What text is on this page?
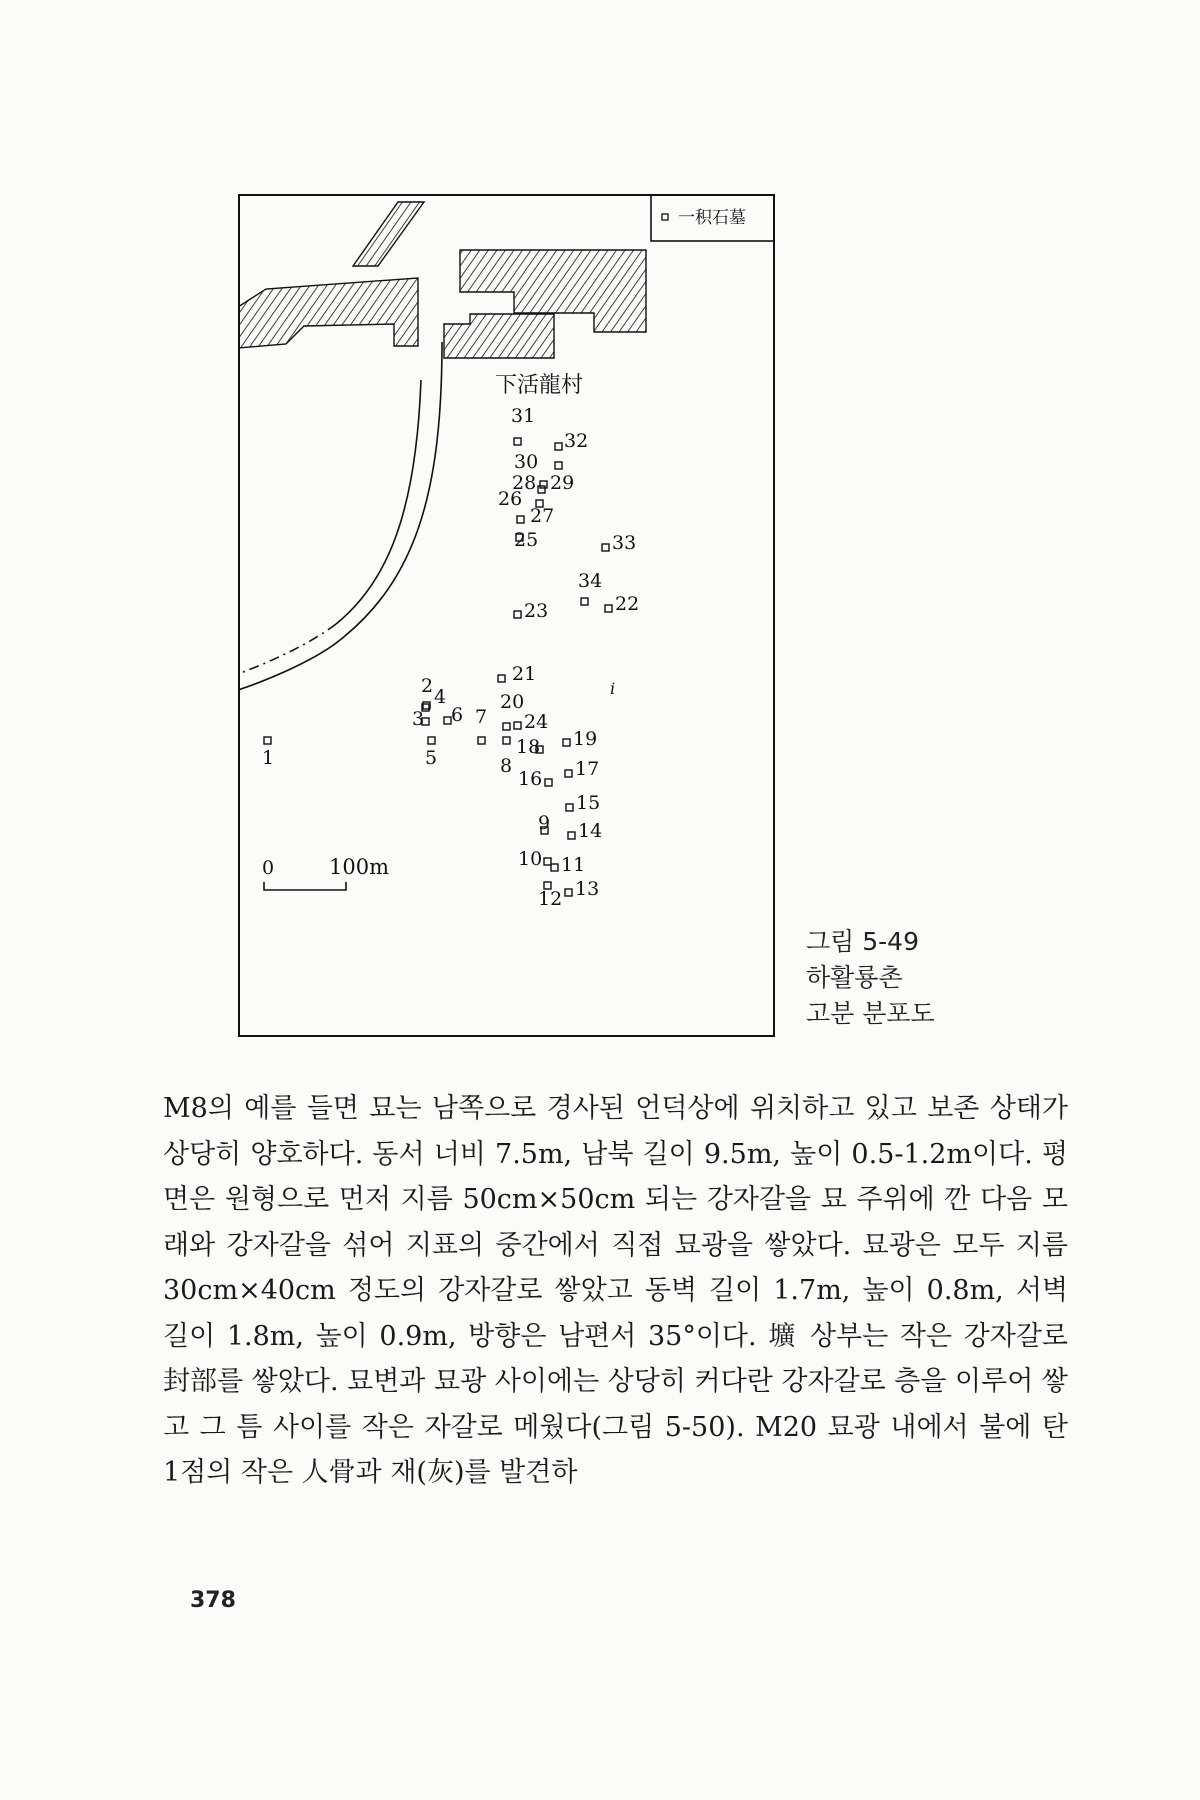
一积石墓
下活龍村
1
2
3
4
5
6 7
8
9
10 11
12 13
14
15
16 17
18 19
20
21
22
23
24
25
26
27
28 29
30
31
32
33
34
i
0	100m
그림 5-49
하활룡촌
고분 분포도

M8의 예를 들면 묘는 남쪽으로 경사된 언덕상에 위치하고 있고 보존 상태가 상당히 양호하다. 동서 너비 7.5m, 남북 길이 9.5m, 높이 0.5-1.2m이다. 평면은 원형으로 먼저 지름 50cm×50cm 되는 강자갈을 묘 주위에 깐 다음 모래와 강자갈을 섞어 지표의 중간에서 직접 묘광을 쌓았다. 묘광은 모두 지름 30cm×40cm 정도의 강자갈로 쌓았고 동벽 길이 1.7m, 높이 0.8m, 서벽 길이 1.8m, 높이 0.9m, 방향은 남편서 35°이다. 壙 상부는 작은 강자갈로 封部를 쌓았다. 묘변과 묘광 사이에는 상당히 커다란 강자갈로 층을 이루어 쌓고 그 틈 사이를 작은 자갈로 메웠다(그림 5-50). M20 묘광 내에서 불에 탄 1점의 작은 人骨과 재(灰)를 발견하

378
